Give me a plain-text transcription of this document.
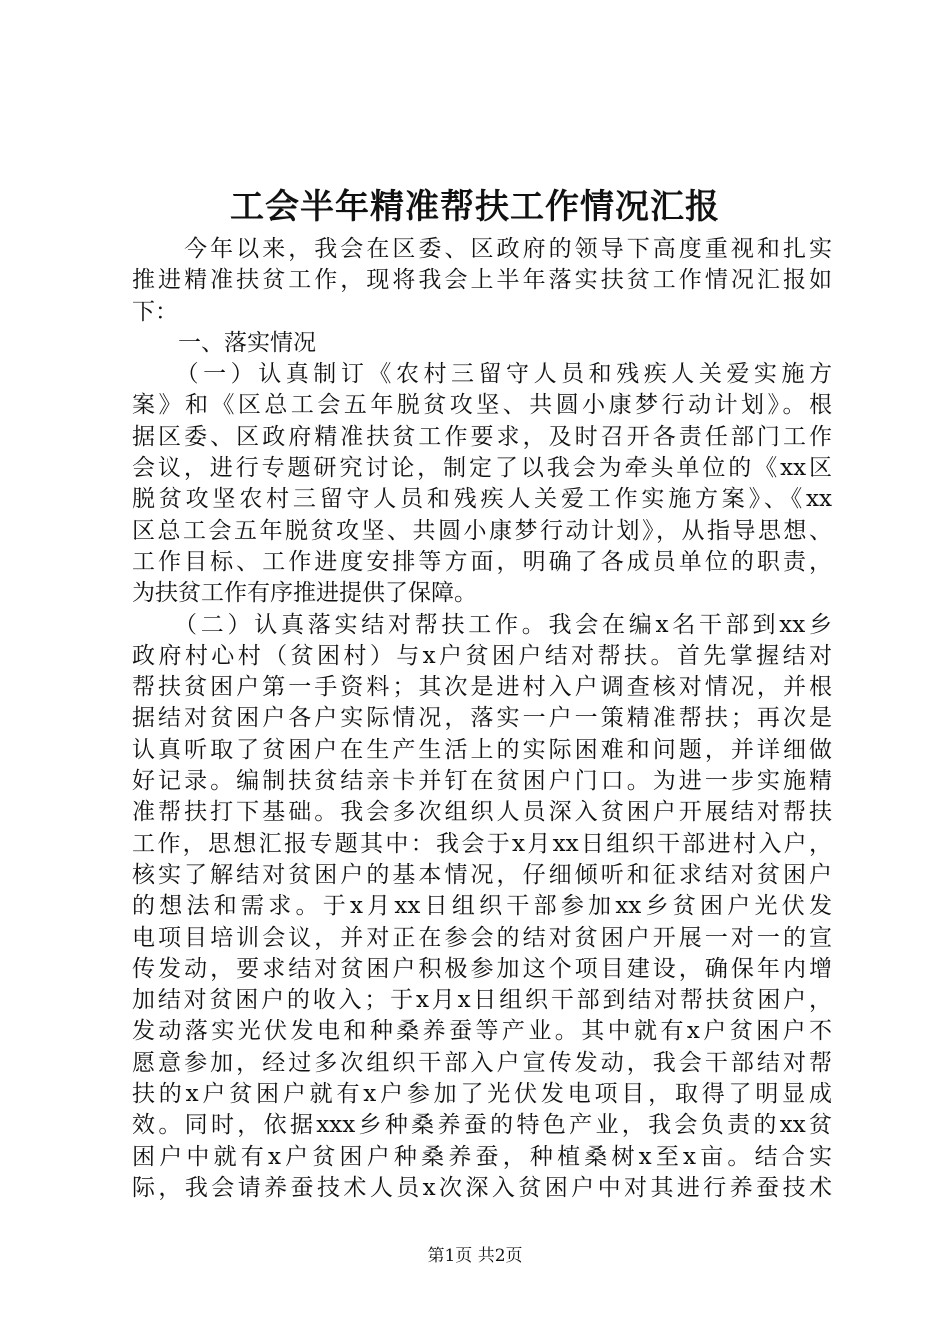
工会半年精准帮扶工作情况汇报
　　今年以来，我会在区委、区政府的领导下高度重视和扎实
推进精准扶贫工作，现将我会上半年落实扶贫工作情况汇报如
下：
　　一、落实情况
　　（一）认真制订《农村三留守人员和残疾人关爱实施方
案》和《区总工会五年脱贫攻坚、共圆小康梦行动计划》。根
据区委、区政府精准扶贫工作要求，及时召开各责任部门工作
会议，进行专题研究讨论，制定了以我会为牵头单位的《xx区
脱贫攻坚农村三留守人员和残疾人关爱工作实施方案》、《xx
区总工会五年脱贫攻坚、共圆小康梦行动计划》，从指导思想、
工作目标、工作进度安排等方面，明确了各成员单位的职责，
为扶贫工作有序推进提供了保障。
　　（二）认真落实结对帮扶工作。我会在编x名干部到xx乡
政府村心村（贫困村）与x户贫困户结对帮扶。首先掌握结对
帮扶贫困户第一手资料；其次是进村入户调查核对情况，并根
据结对贫困户各户实际情况，落实一户一策精准帮扶；再次是
认真听取了贫困户在生产生活上的实际困难和问题，并详细做
好记录。编制扶贫结亲卡并钉在贫困户门口。为进一步实施精
准帮扶打下基础。我会多次组织人员深入贫困户开展结对帮扶
工作，思想汇报专题其中：我会于x月xx日组织干部进村入户，
核实了解结对贫困户的基本情况，仔细倾听和征求结对贫困户
的想法和需求。于x月xx日组织干部参加xx乡贫困户光伏发
电项目培训会议，并对正在参会的结对贫困户开展一对一的宣
传发动，要求结对贫困户积极参加这个项目建设，确保年内增
加结对贫困户的收入；于x月x日组织干部到结对帮扶贫困户，
发动落实光伏发电和种桑养蚕等产业。其中就有x户贫困户不
愿意参加，经过多次组织干部入户宣传发动，我会干部结对帮
扶的x户贫困户就有x户参加了光伏发电项目，取得了明显成
效。同时，依据xxx乡种桑养蚕的特色产业，我会负责的xx贫
困户中就有x户贫困户种桑养蚕，种植桑树x至x亩。结合实
际，我会请养蚕技术人员x次深入贫困户中对其进行养蚕技术
第1页 共2页
